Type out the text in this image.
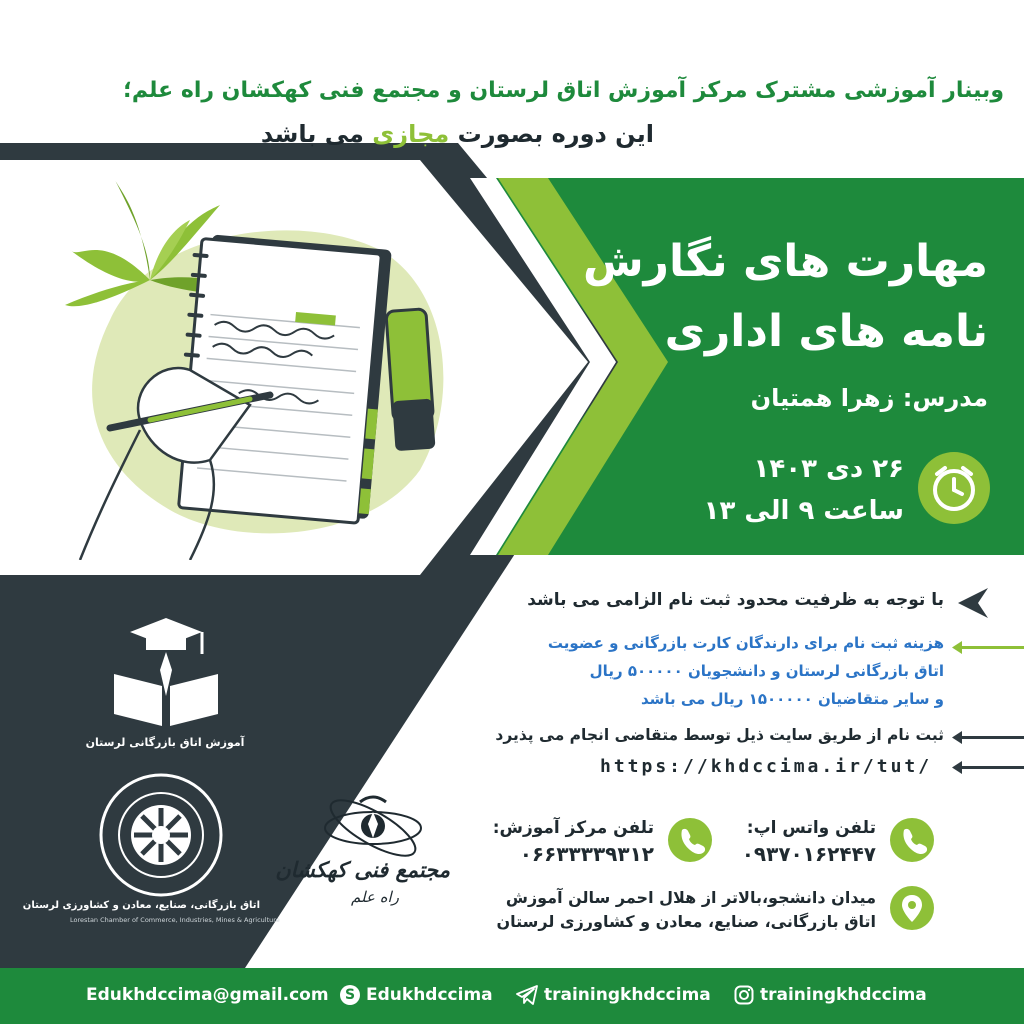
وبینار آموزشی مشترک مرکز آموزش اتاق لرستان و مجتمع فنی کهکشان راه علم؛
این دوره بصورت مجازی می باشد
مهارت های نگارش
نامه های اداری
مدرس: زهرا همتیان
۲۶ دی ۱۴۰۳
ساعت ۹ الی ۱۳
با توجه به ظرفیت محدود ثبت نام الزامی می باشد
هزینه ثبت نام برای دارندگان کارت بازرگانی و عضویت
اتاق بازرگانی لرستان و دانشجویان ۵۰۰۰۰۰ ریال
و سایر متقاضیان ۱۵۰۰۰۰۰ ریال می باشد
ثبت نام از طریق سایت ذیل توسط متقاضی انجام می پذیرد
https://khdccima.ir/tut/
تلفن واتس اپ:
۰۹۳۷۰۱۶۲۴۴۷
تلفن مرکز آموزش:
۰۶۶۳۳۳۳۹۳۱۲
میدان دانشجو،بالاتر از هلال احمر سالن آموزش
اتاق بازرگانی، صنایع، معادن و کشاورزی لرستان
آموزش اتاق بازرگانی لرستان
اتاق بازرگانی، صنایع، معادن و کشاورزی لرستان
Lorestan Chamber of Commerce, Industries, Mines & Agriculture
مجتمع فنی کهکشان
راه علم
Edukhdccima@gmail.com	S Edukhdccima	trainingkhdccima	trainingkhdccima
